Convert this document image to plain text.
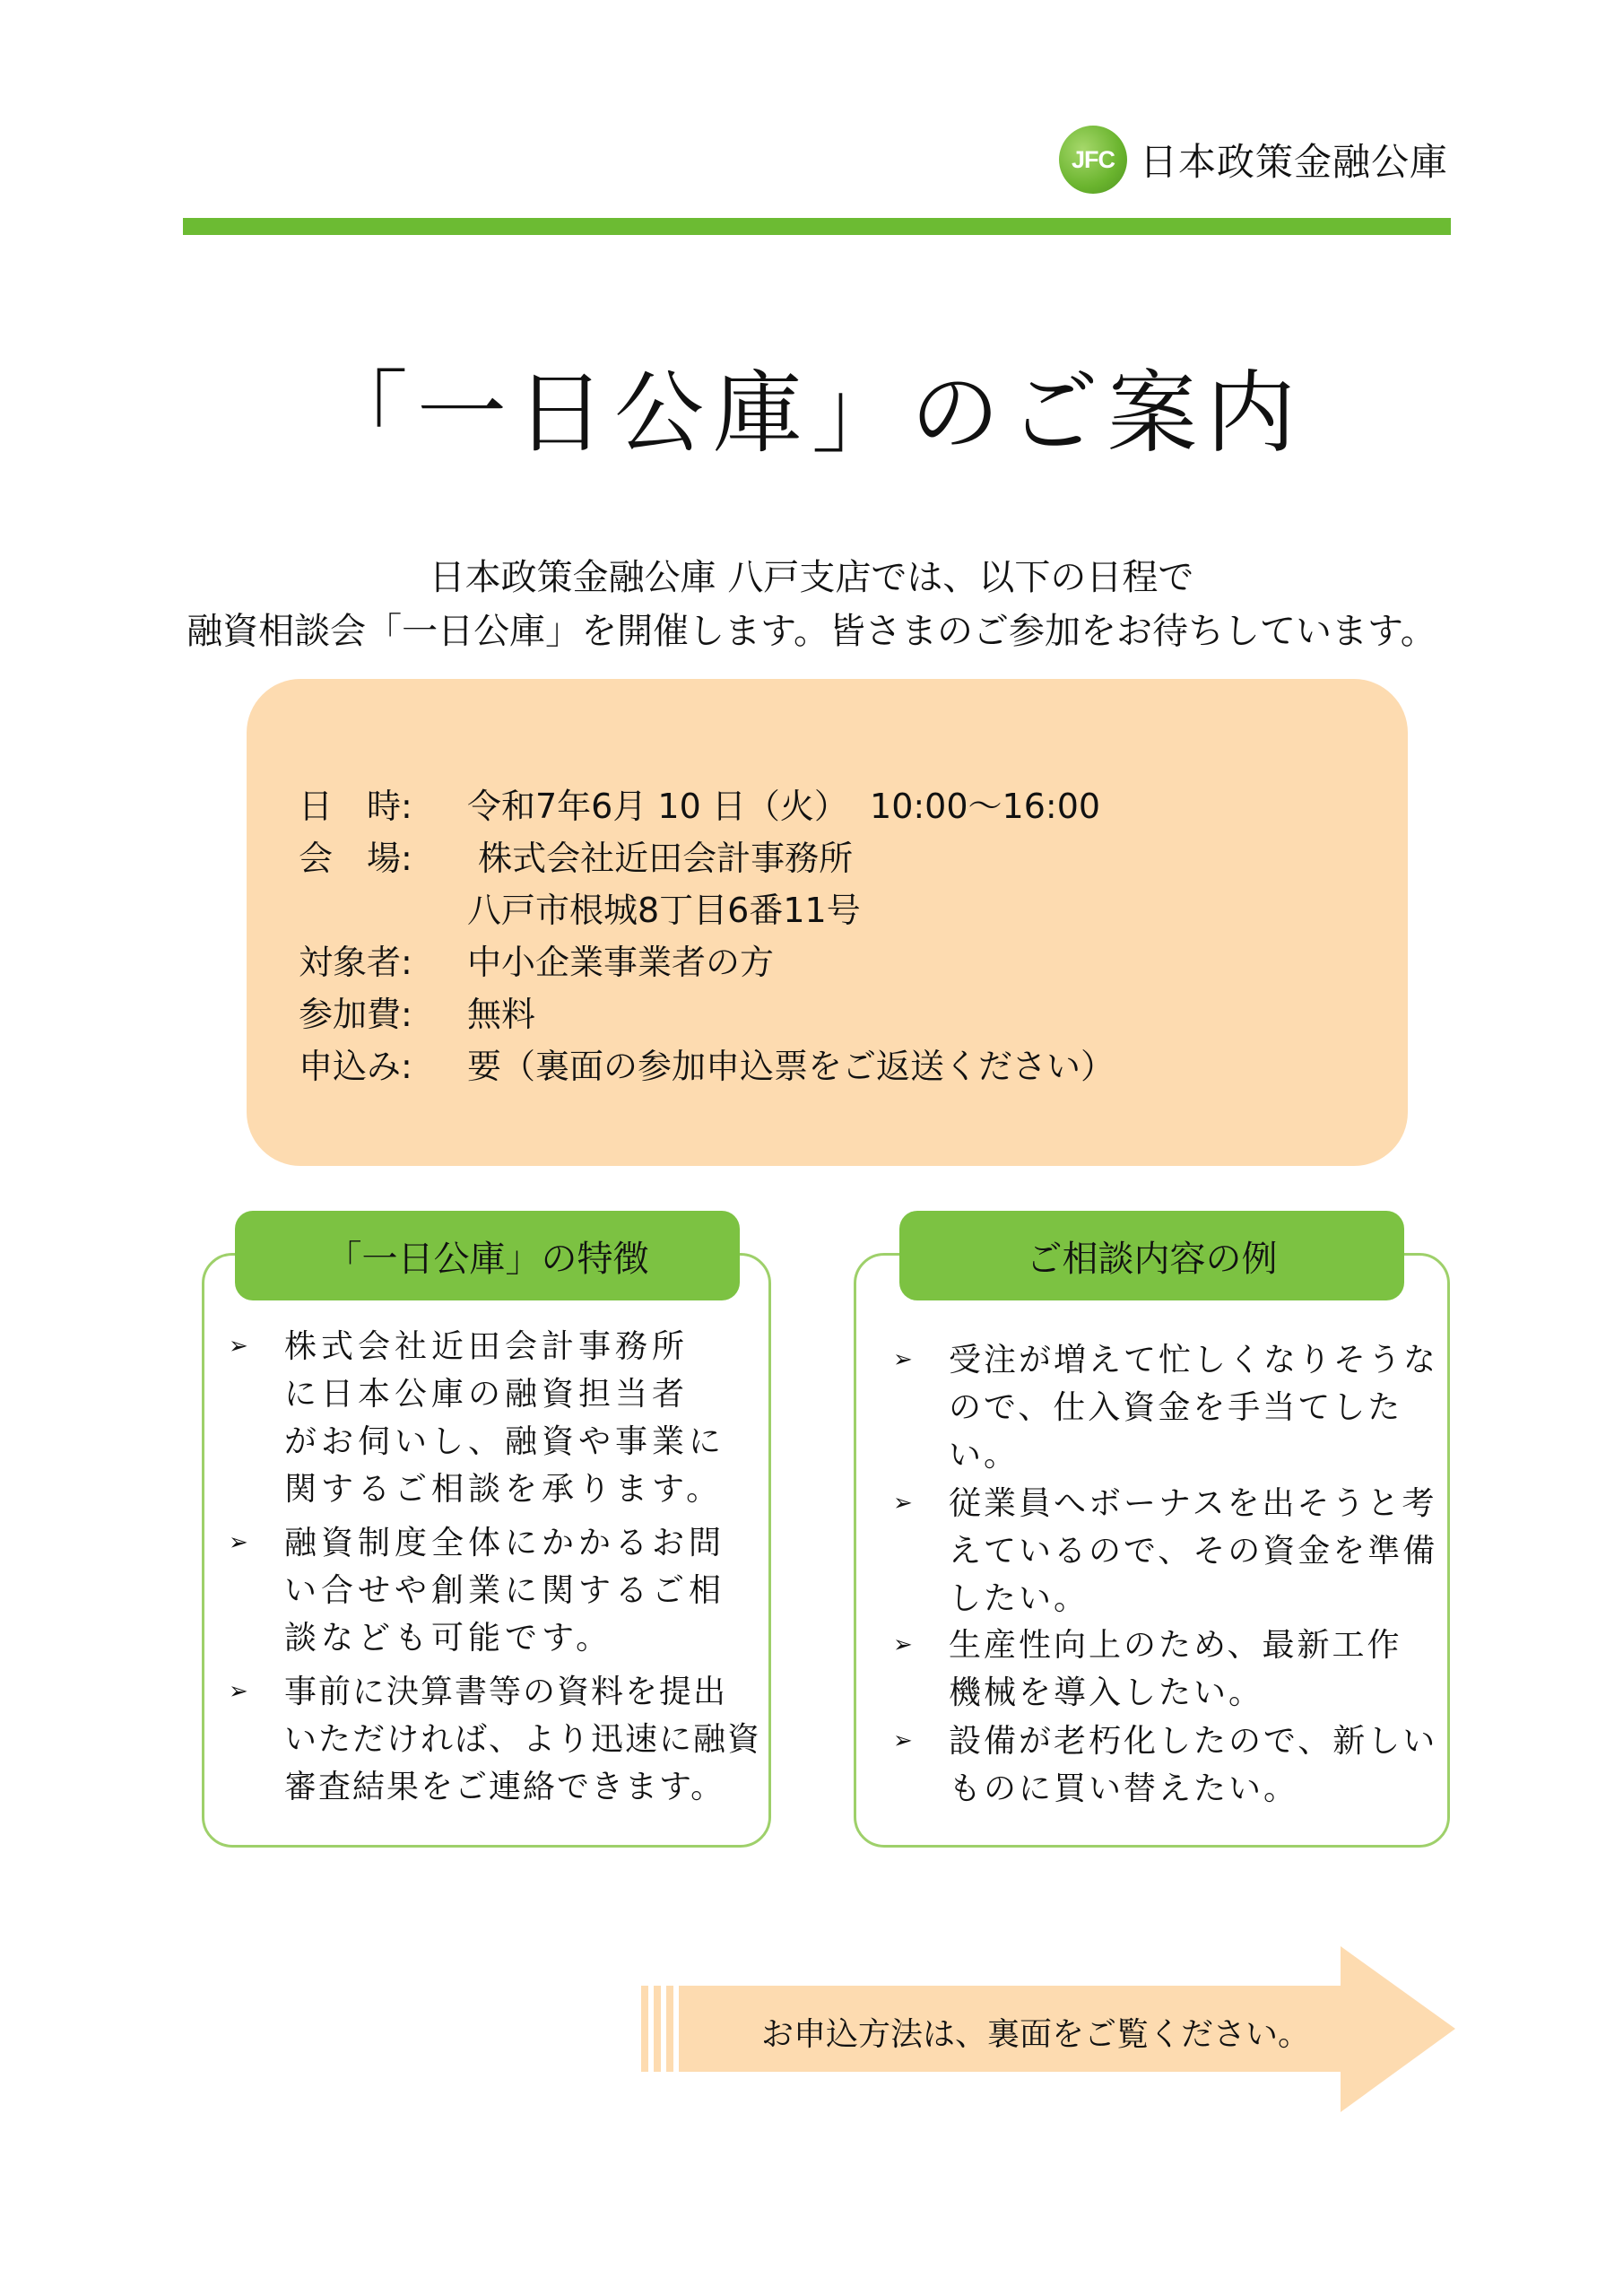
JFC 日本政策金融公庫
「一日公庫」のご案内
日本政策金融公庫 八戸支店では、以下の日程で
融資相談会「一日公庫」を開催します。皆さまのご参加をお待ちしています。
日　時:	令和7年6月 10 日（火）  10:00～16:00
会　場:	株式会社近田会計事務所
八戸市根城8丁目6番11号
対象者:	中小企業事業者の方
参加費:	無料
申込み:	要（裏面の参加申込票をご返送ください）
「一日公庫」の特徴
➢ 株式会社近田会計事務所
に日本公庫の融資担当者
がお伺いし、融資や事業に
関するご相談を承ります。
➢ 融資制度全体にかかるお問
い合せや創業に関するご相
談なども可能です。
➢ 事前に決算書等の資料を提出
いただければ、より迅速に融資
審査結果をご連絡できます。
ご相談内容の例
➢ 受注が増えて忙しくなりそうな
ので、仕入資金を手当てした
い。
➢ 従業員へボーナスを出そうと考
えているので、その資金を準備
したい。
➢ 生産性向上のため、最新工作
機械を導入したい。
➢ 設備が老朽化したので、新しい
ものに買い替えたい。
お申込方法は、裏面をご覧ください。
